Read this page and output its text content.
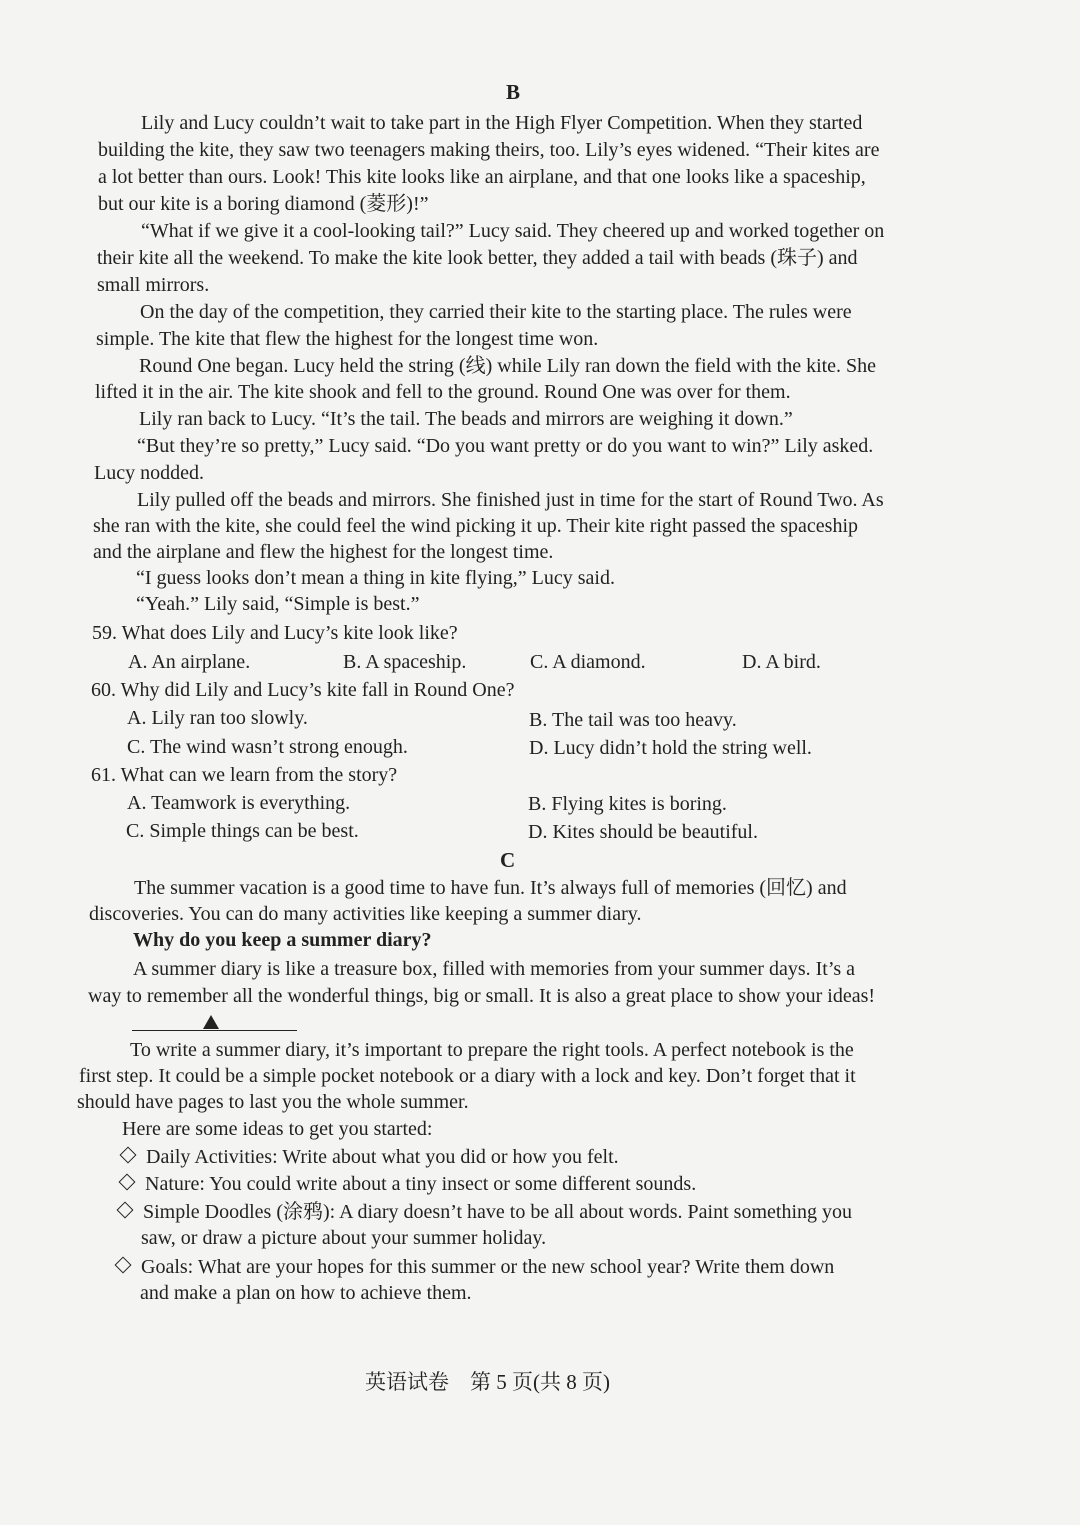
B
Lily and Lucy couldn’t wait to take part in the High Flyer Competition. When they started
building the kite, they saw two teenagers making theirs, too. Lily’s eyes widened. “Their kites are
a lot better than ours. Look! This kite looks like an airplane, and that one looks like a spaceship,
but our kite is a boring diamond (菱形)!”
“What if we give it a cool-looking tail?” Lucy said. They cheered up and worked together on
their kite all the weekend. To make the kite look better, they added a tail with beads (珠子) and
small mirrors.
On the day of the competition, they carried their kite to the starting place. The rules were
simple. The kite that flew the highest for the longest time won.
Round One began. Lucy held the string (线) while Lily ran down the field with the kite. She
lifted it in the air. The kite shook and fell to the ground. Round One was over for them.
Lily ran back to Lucy. “It’s the tail. The beads and mirrors are weighing it down.”
“But they’re so pretty,” Lucy said. “Do you want pretty or do you want to win?” Lily asked.
Lucy nodded.
Lily pulled off the beads and mirrors. She finished just in time for the start of Round Two. As
she ran with the kite, she could feel the wind picking it up. Their kite right passed the spaceship
and the airplane and flew the highest for the longest time.
“I guess looks don’t mean a thing in kite flying,” Lucy said.
“Yeah.” Lily said, “Simple is best.”
59. What does Lily and Lucy’s kite look like?
A. An airplane.	B. A spaceship.	C. A diamond.	D. A bird.
60. Why did Lily and Lucy’s kite fall in Round One?
A. Lily ran too slowly.	B. The tail was too heavy.
C. The wind wasn’t strong enough.	D. Lucy didn’t hold the string well.
61. What can we learn from the story?
A. Teamwork is everything.	B. Flying kites is boring.
C. Simple things can be best.	D. Kites should be beautiful.
C
The summer vacation is a good time to have fun. It’s always full of memories (回忆) and
discoveries. You can do many activities like keeping a summer diary.
Why do you keep a summer diary?
A summer diary is like a treasure box, filled with memories from your summer days. It’s a
way to remember all the wonderful things, big or small. It is also a great place to show your ideas!
To write a summer diary, it’s important to prepare the right tools. A perfect notebook is the
first step. It could be a simple pocket notebook or a diary with a lock and key. Don’t forget that it
should have pages to last you the whole summer.
Here are some ideas to get you started:
Daily Activities: Write about what you did or how you felt.
Nature: You could write about a tiny insect or some different sounds.
Simple Doodles (涂鸦): A diary doesn’t have to be all about words. Paint something you
saw, or draw a picture about your summer holiday.
Goals: What are your hopes for this summer or the new school year? Write them down
and make a plan on how to achieve them.
英语试卷　第 5 页(共 8 页)
